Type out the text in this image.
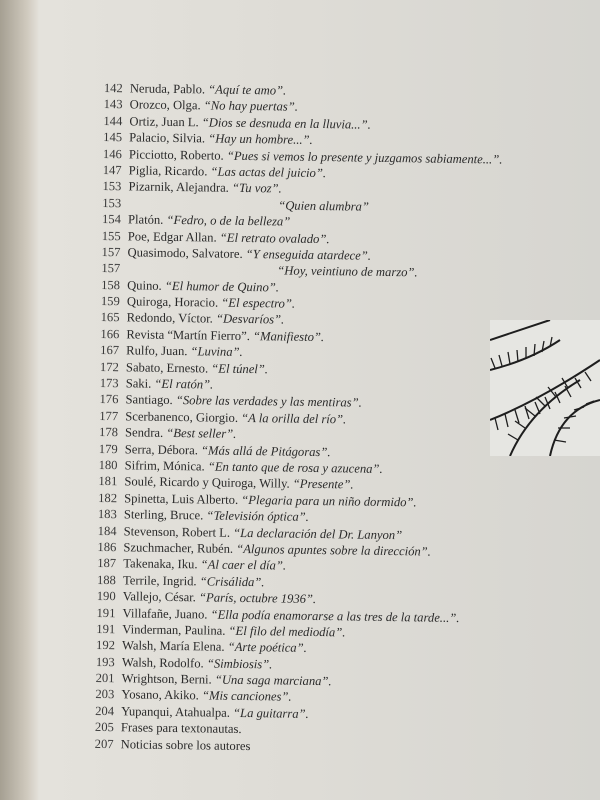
142 Neruda, Pablo. “Aquí te amo”.
143 Orozco, Olga. “No hay puertas”.
144 Ortiz, Juan L. “Dios se desnuda en la lluvia...”.
145 Palacio, Silvia. “Hay un hombre...”.
146 Picciotto, Roberto. “Pues si vemos lo presente y juzgamos sabiamente...”.
147 Piglia, Ricardo. “Las actas del juicio”.
153 Pizarnik, Alejandra. “Tu voz”.
153	“Quien alumbra”
154 Platón. “Fedro, o de la belleza”
155 Poe, Edgar Allan. “El retrato ovalado”.
157 Quasimodo, Salvatore. “Y enseguida atardece”.
157	“Hoy, veintiuno de marzo”.
158 Quino. “El humor de Quino”.
159 Quiroga, Horacio. “El espectro”.
165 Redondo, Víctor. “Desvaríos”.
166 Revista “Martín Fierro”. “Manifiesto”.
167 Rulfo, Juan. “Luvina”.
172 Sabato, Ernesto. “El túnel”.
173 Saki. “El ratón”.
176 Santiago. “Sobre las verdades y las mentiras”.
177 Scerbanenco, Giorgio. “A la orilla del río”.
178 Sendra. “Best seller”.
179 Serra, Débora. “Más allá de Pitágoras”.
180 Sifrim, Mónica. “En tanto que de rosa y azucena”.
181 Soulé, Ricardo y Quiroga, Willy. “Presente”.
182 Spinetta, Luis Alberto. “Plegaria para un niño dormido”.
183 Sterling, Bruce. “Televisión óptica”.
184 Stevenson, Robert L. “La declaración del Dr. Lanyon”
186 Szuchmacher, Rubén. “Algunos apuntes sobre la dirección”.
187 Takenaka, Iku. “Al caer el día”.
188 Terrile, Ingrid. “Crisálida”.
190 Vallejo, César. “París, octubre 1936”.
191 Villafañe, Juano. “Ella podía enamorarse a las tres de la tarde...”.
191 Vinderman, Paulina. “El filo del mediodía”.
192 Walsh, María Elena. “Arte poética”.
193 Walsh, Rodolfo. “Simbiosis”.
201 Wrightson, Berni. “Una saga marciana”.
203 Yosano, Akiko. “Mis canciones”.
204 Yupanqui, Atahualpa. “La guitarra”.
205 Frases para textonautas.
207 Noticias sobre los autores
